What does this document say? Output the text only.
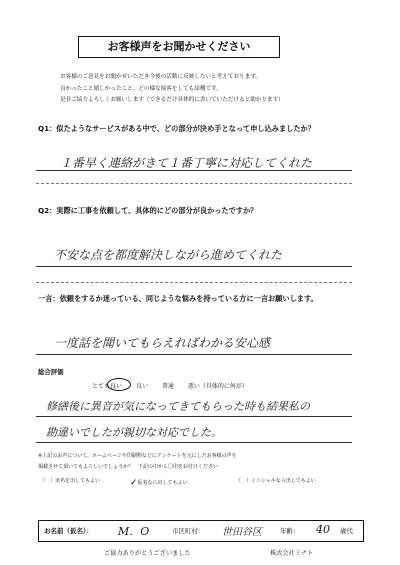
お客様声をお聞かせください
お客様のご意見をお聞かせいただき今後の活動に反映したいと考えております。
良かったこと嬉しかったこと、どの様な接客をしても結構です。
是非ご協力よろしくお願いします（できるだけ具体的に書いていただけると助かります）
Q1：似たようなサービスがある中で、どの部分が決め手となって申し込みましたか？
１番早く連絡がきて１番丁寧に対応してくれた
Q2：実際に工事を依頼して、具体的にどの部分が良かったですか？
不安な点を都度解決しながら進めてくれた
一言：依頼をするか迷っている、同じような悩みを持っている方に一言お願いします。
一度話を聞いてもらえればわかる安心感
総合評価
とても良い 良い 普通 悪い（具体的に何が）
修繕後に異音が気になってきてもらった時も結果私の
勘違いでしたが親切な対応でした。
※上記のお声について、ホームページや印刷物などにアンケートを元にしたお客様の声を
掲載させて頂いてもよろしいでしょうか？　下記の中から〇印をお付けください
（　）実名を出してもよい	✓仮名なら出してもよい	（　）イニシャルなら出してもよい
お名前（仮名）： M．O	市区町村： 世田谷区	年齢： 40 歳代
ご協力ありがとうございました	株式会社ミナト
